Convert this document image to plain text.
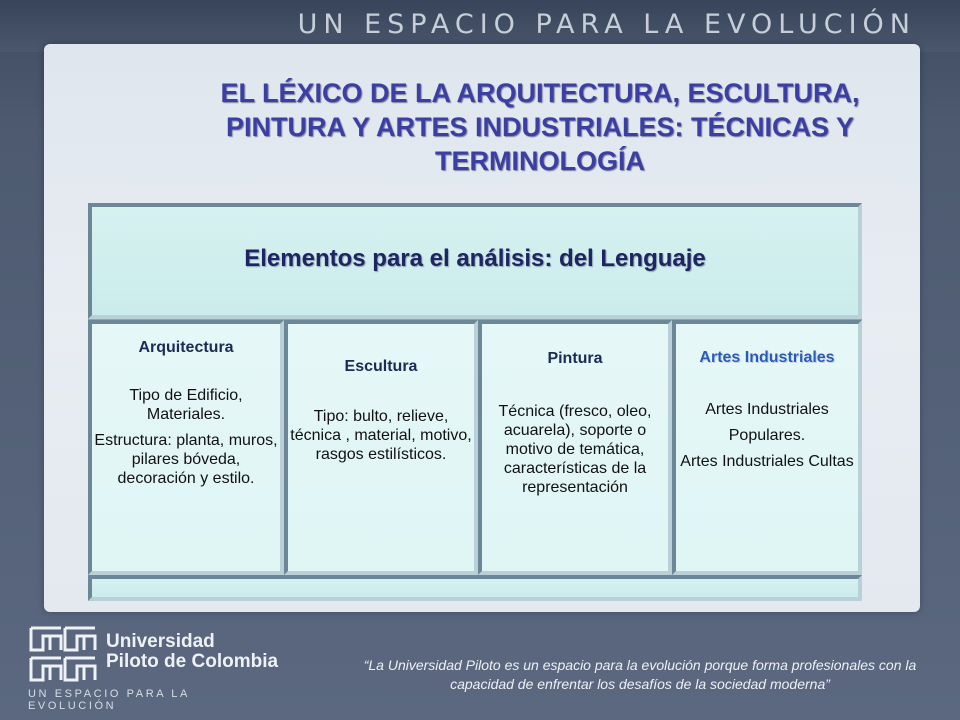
UN ESPACIO PARA LA EVOLUCIÓN
EL LÉXICO DE LA ARQUITECTURA, ESCULTURA,
PINTURA Y ARTES INDUSTRIALES: TÉCNICAS Y
TERMINOLOGÍA
Elementos para el análisis: del Lenguaje
Arquitectura

Tipo de Edificio, Materiales.

Estructura: planta, muros, pilares bóveda, decoración y estilo.

Escultura

Tipo: bulto, relieve, técnica , material, motivo, rasgos estilísticos.

Pintura

Técnica (fresco, oleo, acuarela), soporte o motivo de temática, características de la representación

Artes Industriales

Artes Industriales

Populares.

Artes Industriales Cultas

Universidad
Piloto de Colombia
UN ESPACIO PARA LA EVOLUCIÓN
“La Universidad Piloto es un espacio para la evolución porque forma profesionales con la capacidad de enfrentar los desafíos de la sociedad moderna”
